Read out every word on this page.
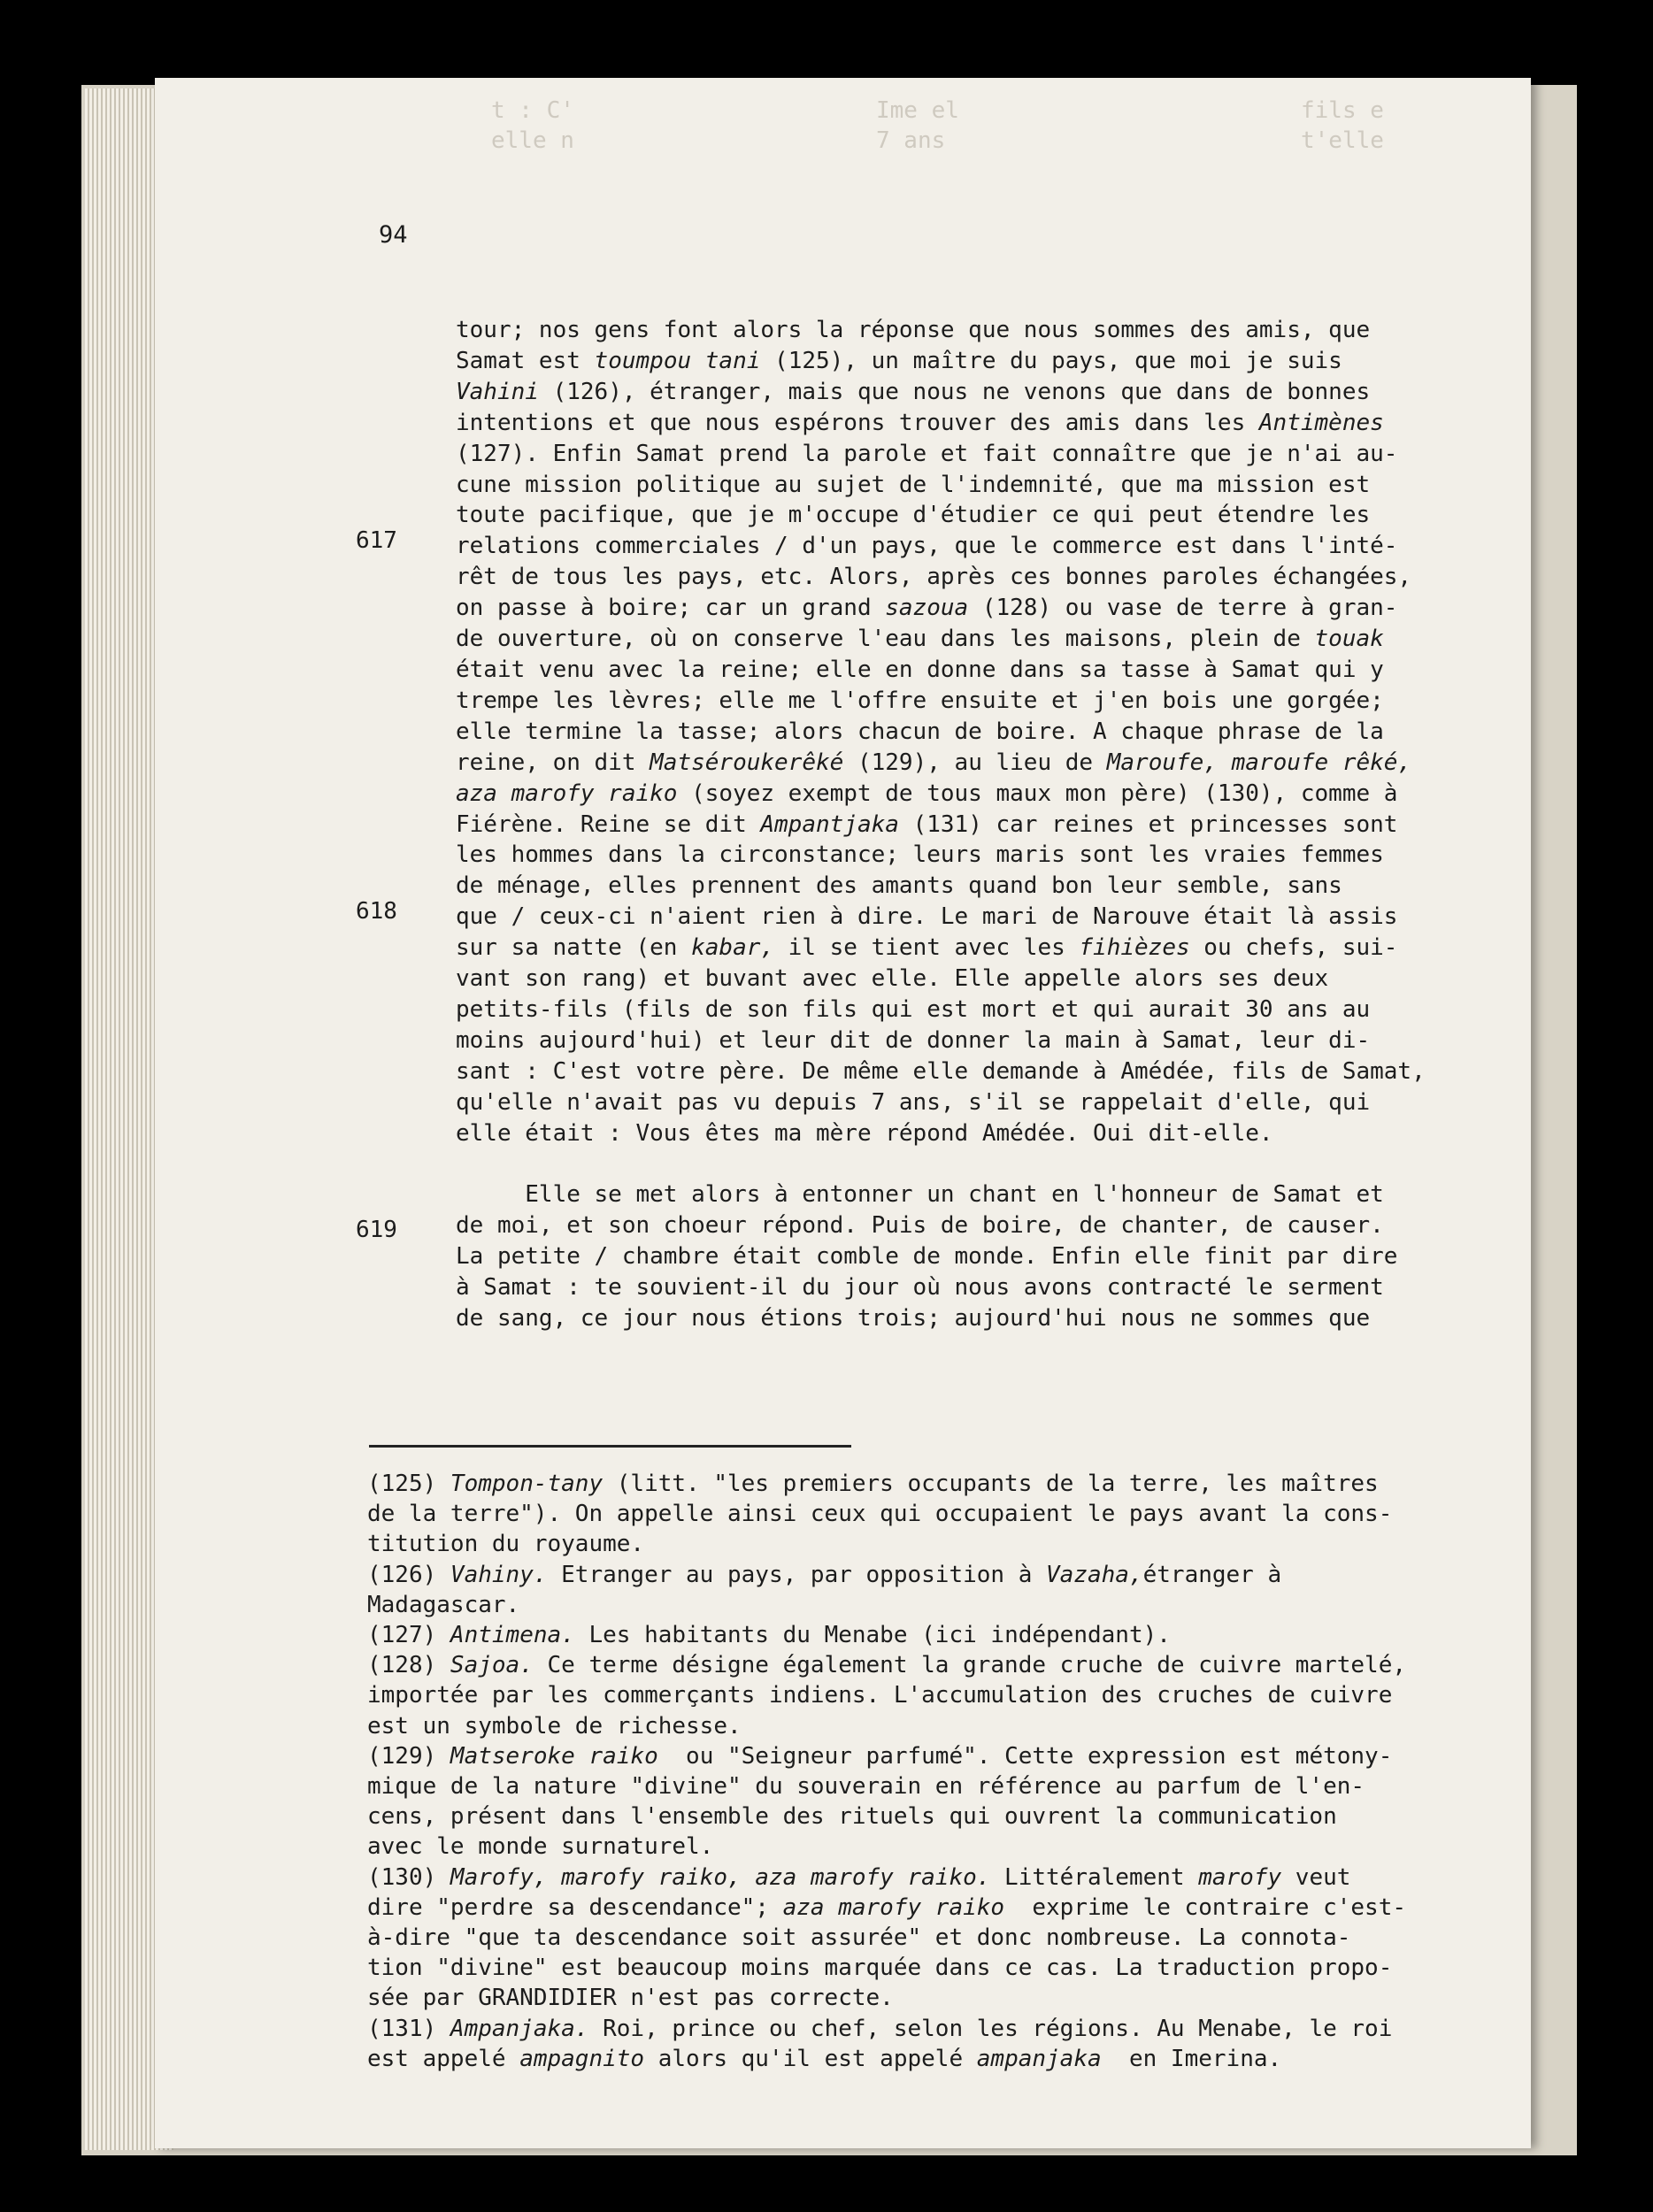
t : C'	Ime el	fils e
elle n	7 ans	t'elle
94
617
618
619
tour; nos gens font alors la réponse que nous sommes des amis, que
Samat est toumpou tani (125), un maître du pays, que moi je suis
Vahini (126), étranger, mais que nous ne venons que dans de bonnes
intentions et que nous espérons trouver des amis dans les Antimènes
(127). Enfin Samat prend la parole et fait connaître que je n'ai au-
cune mission politique au sujet de l'indemnité, que ma mission est
toute pacifique, que je m'occupe d'étudier ce qui peut étendre les
relations commerciales / d'un pays, que le commerce est dans l'inté-
rêt de tous les pays, etc. Alors, après ces bonnes paroles échangées,
on passe à boire; car un grand sazoua (128) ou vase de terre à gran-
de ouverture, où on conserve l'eau dans les maisons, plein de touak
était venu avec la reine; elle en donne dans sa tasse à Samat qui y
trempe les lèvres; elle me l'offre ensuite et j'en bois une gorgée;
elle termine la tasse; alors chacun de boire. A chaque phrase de la
reine, on dit Matséroukerêké (129), au lieu de Maroufe, maroufe rêké,
aza marofy raiko (soyez exempt de tous maux mon père) (130), comme à
Fiérène. Reine se dit Ampantjaka (131) car reines et princesses sont
les hommes dans la circonstance; leurs maris sont les vraies femmes
de ménage, elles prennent des amants quand bon leur semble, sans
que / ceux-ci n'aient rien à dire. Le mari de Narouve était là assis
sur sa natte (en kabar, il se tient avec les fihièzes ou chefs, sui-
vant son rang) et buvant avec elle. Elle appelle alors ses deux
petits-fils (fils de son fils qui est mort et qui aurait 30 ans au
moins aujourd'hui) et leur dit de donner la main à Samat, leur di-
sant : C'est votre père. De même elle demande à Amédée, fils de Samat,
qu'elle n'avait pas vu depuis 7 ans, s'il se rappelait d'elle, qui
elle était : Vous êtes ma mère répond Amédée. Oui dit-elle.

Elle se met alors à entonner un chant en l'honneur de Samat et
de moi, et son choeur répond. Puis de boire, de chanter, de causer.
La petite / chambre était comble de monde. Enfin elle finit par dire
à Samat : te souvient-il du jour où nous avons contracté le serment
de sang, ce jour nous étions trois; aujourd'hui nous ne sommes que
(125) Tompon-tany (litt. "les premiers occupants de la terre, les maîtres
de la terre"). On appelle ainsi ceux qui occupaient le pays avant la cons-
titution du royaume.
(126) Vahiny. Etranger au pays, par opposition à Vazaha,étranger à
Madagascar.
(127) Antimena. Les habitants du Menabe (ici indépendant).
(128) Sajoa. Ce terme désigne également la grande cruche de cuivre martelé,
importée par les commerçants indiens. L'accumulation des cruches de cuivre
est un symbole de richesse.
(129) Matseroke raiko  ou "Seigneur parfumé". Cette expression est métony-
mique de la nature "divine" du souverain en référence au parfum de l'en-
cens, présent dans l'ensemble des rituels qui ouvrent la communication
avec le monde surnaturel.
(130) Marofy, marofy raiko, aza marofy raiko. Littéralement marofy veut
dire "perdre sa descendance"; aza marofy raiko  exprime le contraire c'est-
à-dire "que ta descendance soit assurée" et donc nombreuse. La connota-
tion "divine" est beaucoup moins marquée dans ce cas. La traduction propo-
sée par GRANDIDIER n'est pas correcte.
(131) Ampanjaka. Roi, prince ou chef, selon les régions. Au Menabe, le roi
est appelé ampagnito alors qu'il est appelé ampanjaka  en Imerina.
